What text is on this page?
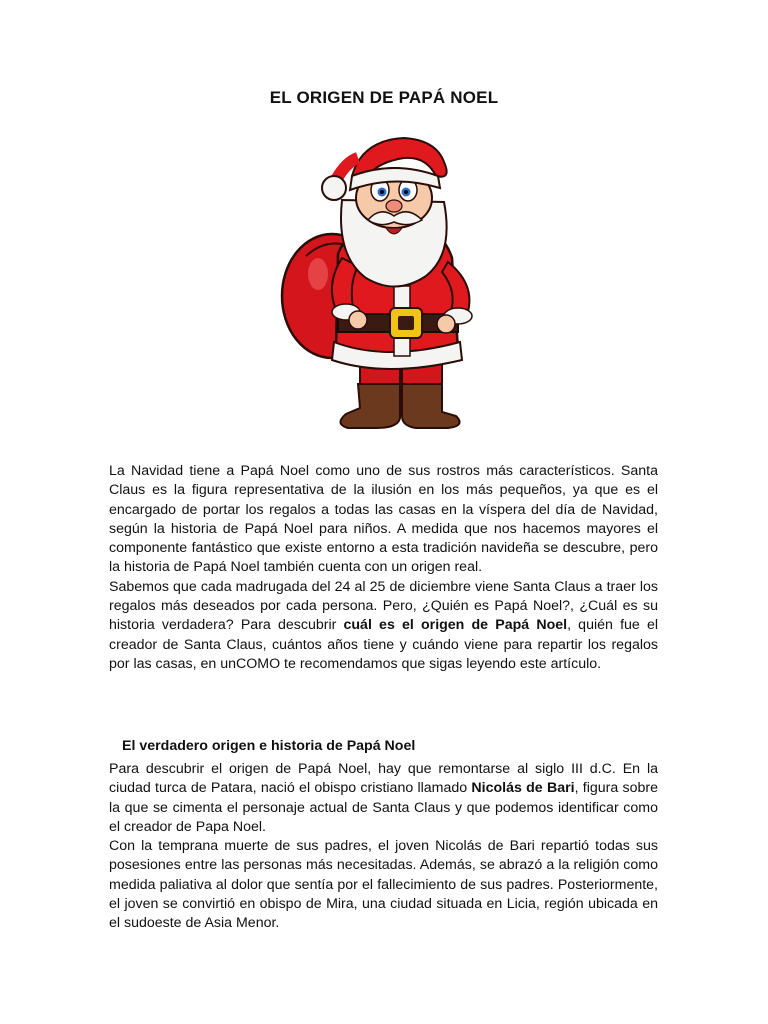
EL ORIGEN DE PAPÁ NOEL

La Navidad tiene a Papá Noel como uno de sus rostros más característicos. Santa Claus es la figura representativa de la ilusión en los más pequeños, ya que es el encargado de portar los regalos a todas las casas en la víspera del día de Navidad, según la historia de Papá Noel para niños. A medida que nos hacemos mayores el componente fantástico que existe entorno a esta tradición navideña se descubre, pero la historia de Papá Noel también cuenta con un origen real.

Sabemos que cada madrugada del 24 al 25 de diciembre viene Santa Claus a traer los regalos más deseados por cada persona. Pero, ¿Quién es Papá Noel?, ¿Cuál es su historia verdadera? Para descubrir cuál es el origen de Papá Noel, quién fue el creador de Santa Claus, cuántos años tiene y cuándo viene para repartir los regalos por las casas, en unCOMO te recomendamos que sigas leyendo este artículo.

El verdadero origen e historia de Papá Noel

Para descubrir el origen de Papá Noel, hay que remontarse al siglo III d.C. En la ciudad turca de Patara, nació el obispo cristiano llamado Nicolás de Bari, figura sobre la que se cimenta el personaje actual de Santa Claus y que podemos identificar como el creador de Papa Noel.

Con la temprana muerte de sus padres, el joven Nicolás de Bari repartió todas sus posesiones entre las personas más necesitadas. Además, se abrazó a la religión como medida paliativa al dolor que sentía por el fallecimiento de sus padres. Posteriormente, el joven se convirtió en obispo de Mira, una ciudad situada en Licia, región ubicada en el sudoeste de Asia Menor.
